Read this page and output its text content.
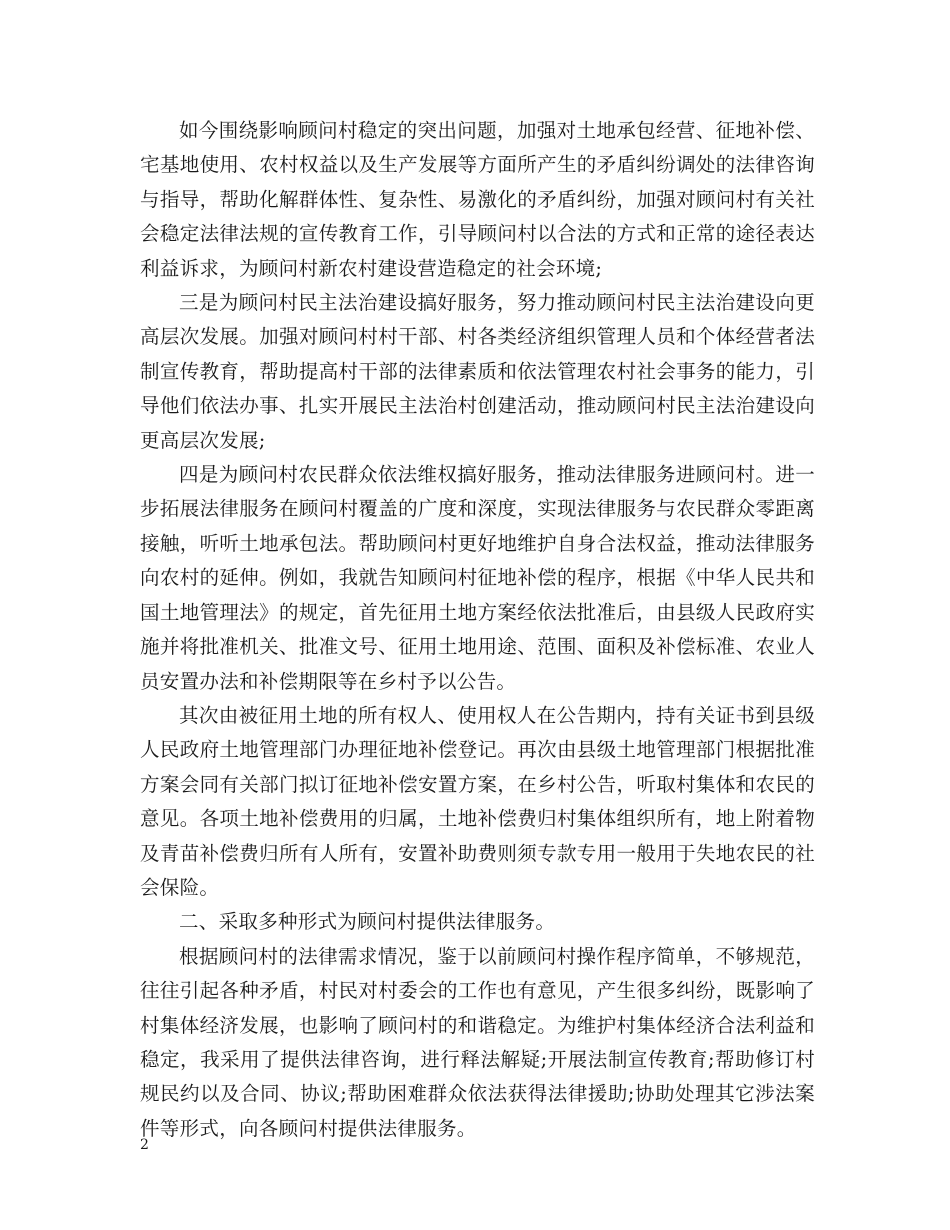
如今围绕影响顾问村稳定的突出问题，加强对土地承包经营、征地补偿、宅基地使用、农村权益以及生产发展等方面所产生的矛盾纠纷调处的法律咨询与指导，帮助化解群体性、复杂性、易激化的矛盾纠纷，加强对顾问村有关社会稳定法律法规的宣传教育工作，引导顾问村以合法的方式和正常的途径表达利益诉求，为顾问村新农村建设营造稳定的社会环境;

三是为顾问村民主法治建设搞好服务，努力推动顾问村民主法治建设向更高层次发展。加强对顾问村村干部、村各类经济组织管理人员和个体经营者法制宣传教育，帮助提高村干部的法律素质和依法管理农村社会事务的能力，引导他们依法办事、扎实开展民主法治村创建活动，推动顾问村民主法治建设向更高层次发展;

四是为顾问村农民群众依法维权搞好服务，推动法律服务进顾问村。进一步拓展法律服务在顾问村覆盖的广度和深度，实现法律服务与农民群众零距离接触，听听土地承包法。帮助顾问村更好地维护自身合法权益，推动法律服务向农村的延伸。例如，我就告知顾问村征地补偿的程序，根据《中华人民共和国土地管理法》的规定，首先征用土地方案经依法批准后，由县级人民政府实施并将批准机关、批准文号、征用土地用途、范围、面积及补偿标准、农业人员安置办法和补偿期限等在乡村予以公告。

其次由被征用土地的所有权人、使用权人在公告期内，持有关证书到县级人民政府土地管理部门办理征地补偿登记。再次由县级土地管理部门根据批准方案会同有关部门拟订征地补偿安置方案，在乡村公告，听取村集体和农民的意见。各项土地补偿费用的归属，土地补偿费归村集体组织所有，地上附着物及青苗补偿费归所有人所有，安置补助费则须专款专用一般用于失地农民的社会保险。

二、采取多种形式为顾问村提供法律服务。

根据顾问村的法律需求情况，鉴于以前顾问村操作程序简单，不够规范，往往引起各种矛盾，村民对村委会的工作也有意见，产生很多纠纷，既影响了村集体经济发展，也影响了顾问村的和谐稳定。为维护村集体经济合法利益和稳定，我采用了提供法律咨询，进行释法解疑;开展法制宣传教育;帮助修订村规民约以及合同、协议;帮助困难群众依法获得法律援助;协助处理其它涉法案件等形式，向各顾问村提供法律服务。

2
